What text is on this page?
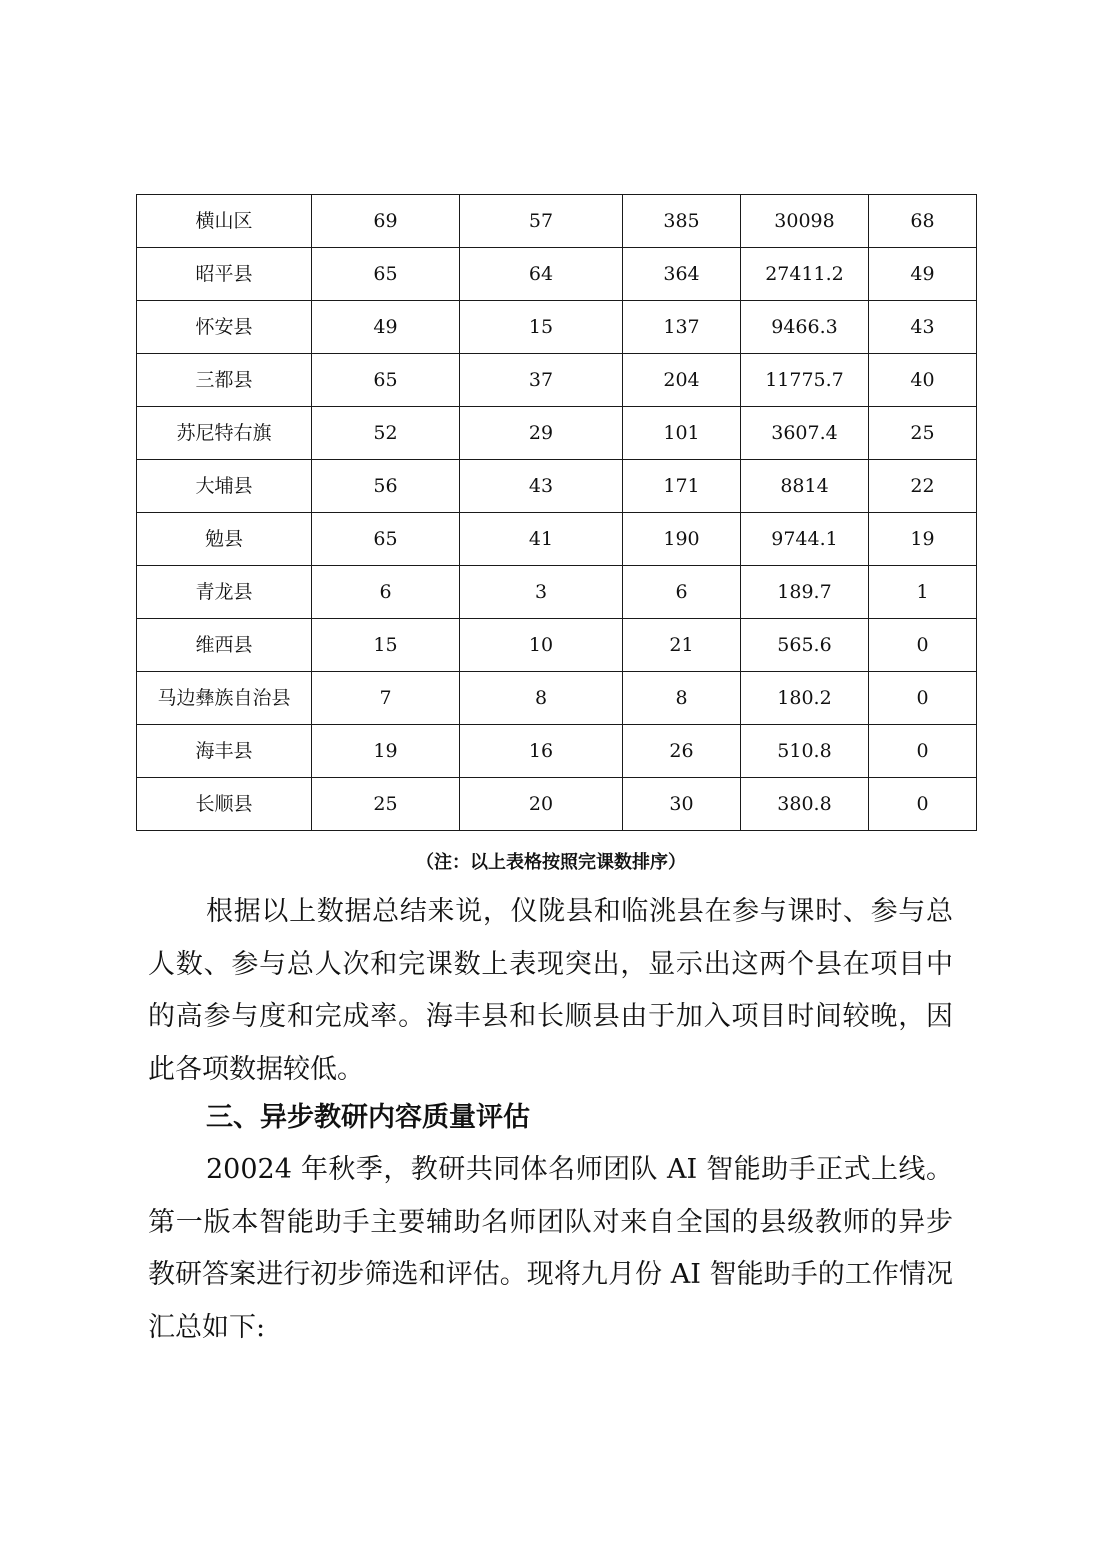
横山区	69	57	385	30098	68
昭平县	65	64	364	27411.2	49
怀安县	49	15	137	9466.3	43
三都县	65	37	204	11775.7	40
苏尼特右旗	52	29	101	3607.4	25
大埔县	56	43	171	8814	22
勉县	65	41	190	9744.1	19
青龙县	6	3	6	189.7	1
维西县	15	10	21	565.6	0
马边彝族自治县	7	8	8	180.2	0
海丰县	19	16	26	510.8	0
长顺县	25	20	30	380.8	0
（注：以上表格按照完课数排序）

根据以上数据总结来说，仪陇县和临洮县在参与课时、参与总人数、参与总人次和完课数上表现突出，显示出这两个县在项目中的高参与度和完成率。海丰县和长顺县由于加入项目时间较晚，因此各项数据较低。

三、异步教研内容质量评估

20024 年秋季，教研共同体名师团队 AI 智能助手正式上线。第一版本智能助手主要辅助名师团队对来自全国的县级教师的异步教研答案进行初步筛选和评估。现将九月份 AI 智能助手的工作情况汇总如下:
